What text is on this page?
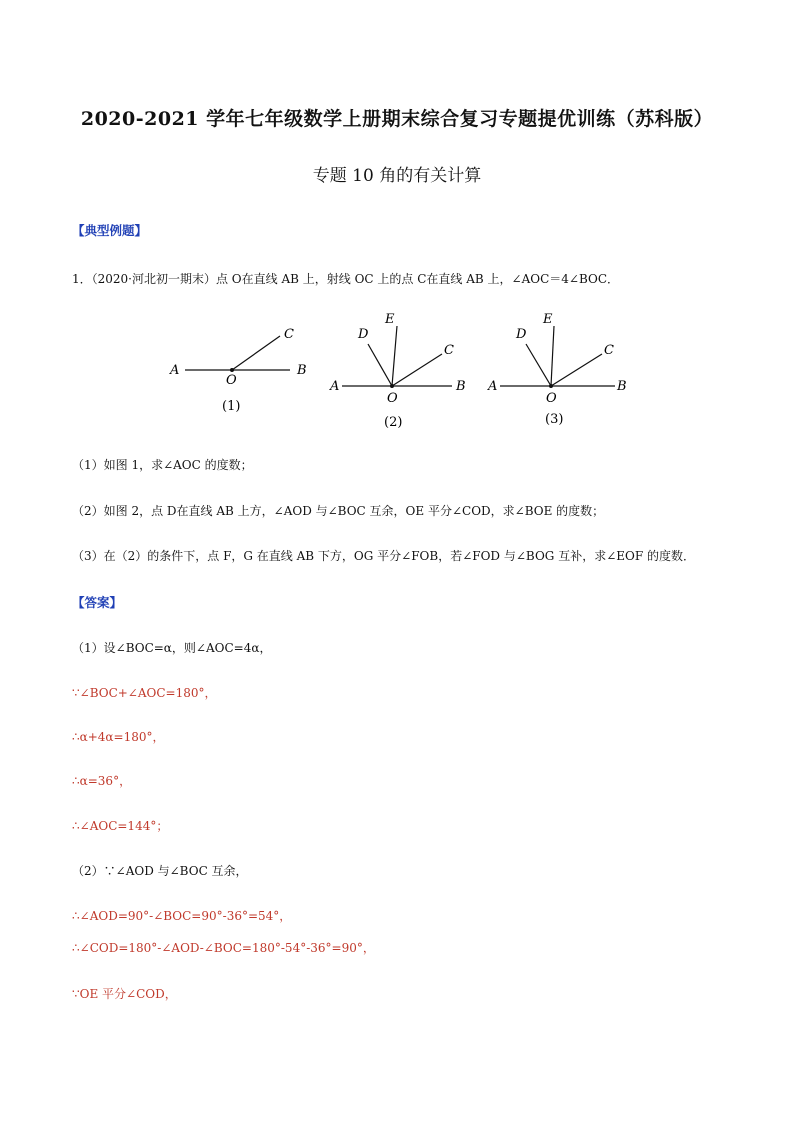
2020-2021 学年七年级数学上册期末综合复习专题提优训练（苏科版）
专题 10 角的有关计算
【典型例题】
1．（2020·河北初一期末）点 O在直线 AB 上，射线 OC 上的点 C在直线 AB 上，∠AOC＝4∠BOC．
A
O
B
C
(1)
A
O
B
C
D
E
(2)
A
O
B
C
D
E
(3)
（1）如图 1，求∠AOC 的度数；
（2）如图 2，点 D在直线 AB 上方，∠AOD 与∠BOC 互余，OE 平分∠COD，求∠BOE 的度数；
（3）在（2）的条件下，点 F，G 在直线 AB 下方，OG 平分∠FOB，若∠FOD 与∠BOG 互补，求∠EOF 的度数．
【答案】
（1）设∠BOC=α，则∠AOC=4α，
∵∠BOC+∠AOC=180°，
∴α+4α=180°，
∴α=36°，
∴∠AOC=144°；
（2）∵∠AOD 与∠BOC 互余，
∴∠AOD=90°-∠BOC=90°-36°=54°，
∴∠COD=180°-∠AOD-∠BOC=180°-54°-36°=90°，
∵OE 平分∠COD，
